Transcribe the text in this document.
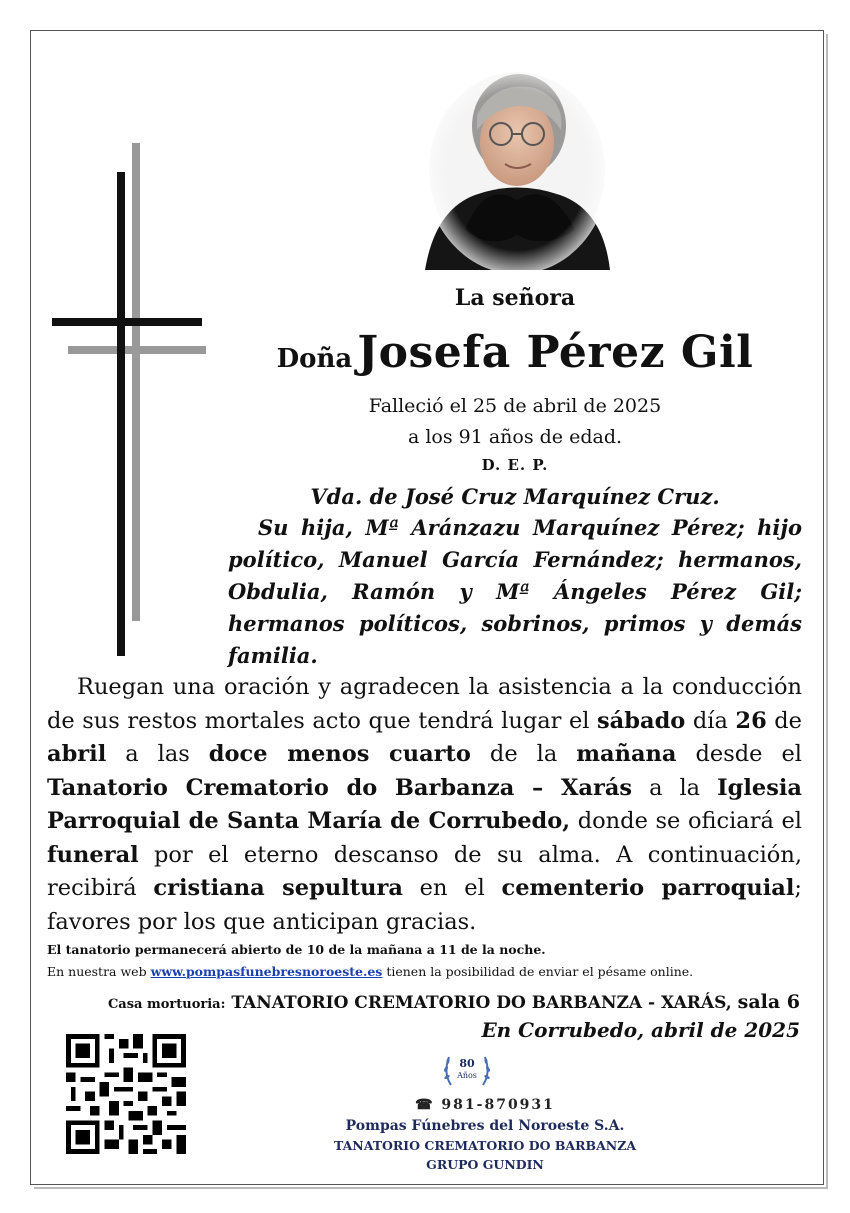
La señora
Doña Josefa Pérez Gil
Falleció el 25 de abril de 2025
a los 91 años de edad.
D. E. P.
Vda. de José Cruz Marquínez Cruz.
Su hija, Mª Aránzazu Marquínez Pérez; hijo político, Manuel García Fernández; hermanos, Obdulia, Ramón y Mª Ángeles Pérez Gil; hermanos políticos, sobrinos, primos y demás familia.
Ruegan una oración y agradecen la asistencia a la conducción de sus restos mortales acto que tendrá lugar el sábado día 26 de abril a las doce menos cuarto de la mañana desde el Tanatorio Crematorio do Barbanza – Xarás a la Iglesia Parroquial de Santa María de Corrubedo, donde se oficiará el funeral por el eterno descanso de su alma. A continuación, recibirá cristiana sepultura en el cementerio parroquial; favores por los que anticipan gracias.
El tanatorio permanecerá abierto de 10 de la mañana a 11 de la noche.
En nuestra web www.pompasfunebresnoroeste.es tienen la posibilidad de enviar el pésame online.
Casa mortuoria: TANATORIO CREMATORIO DO BARBANZA - XARÁS, sala 6
En Corrubedo, abril de 2025
80
Años
☎ 981-870931
Pompas Fúnebres del Noroeste S.A.
TANATORIO CREMATORIO DO BARBANZA
GRUPO GUNDIN
